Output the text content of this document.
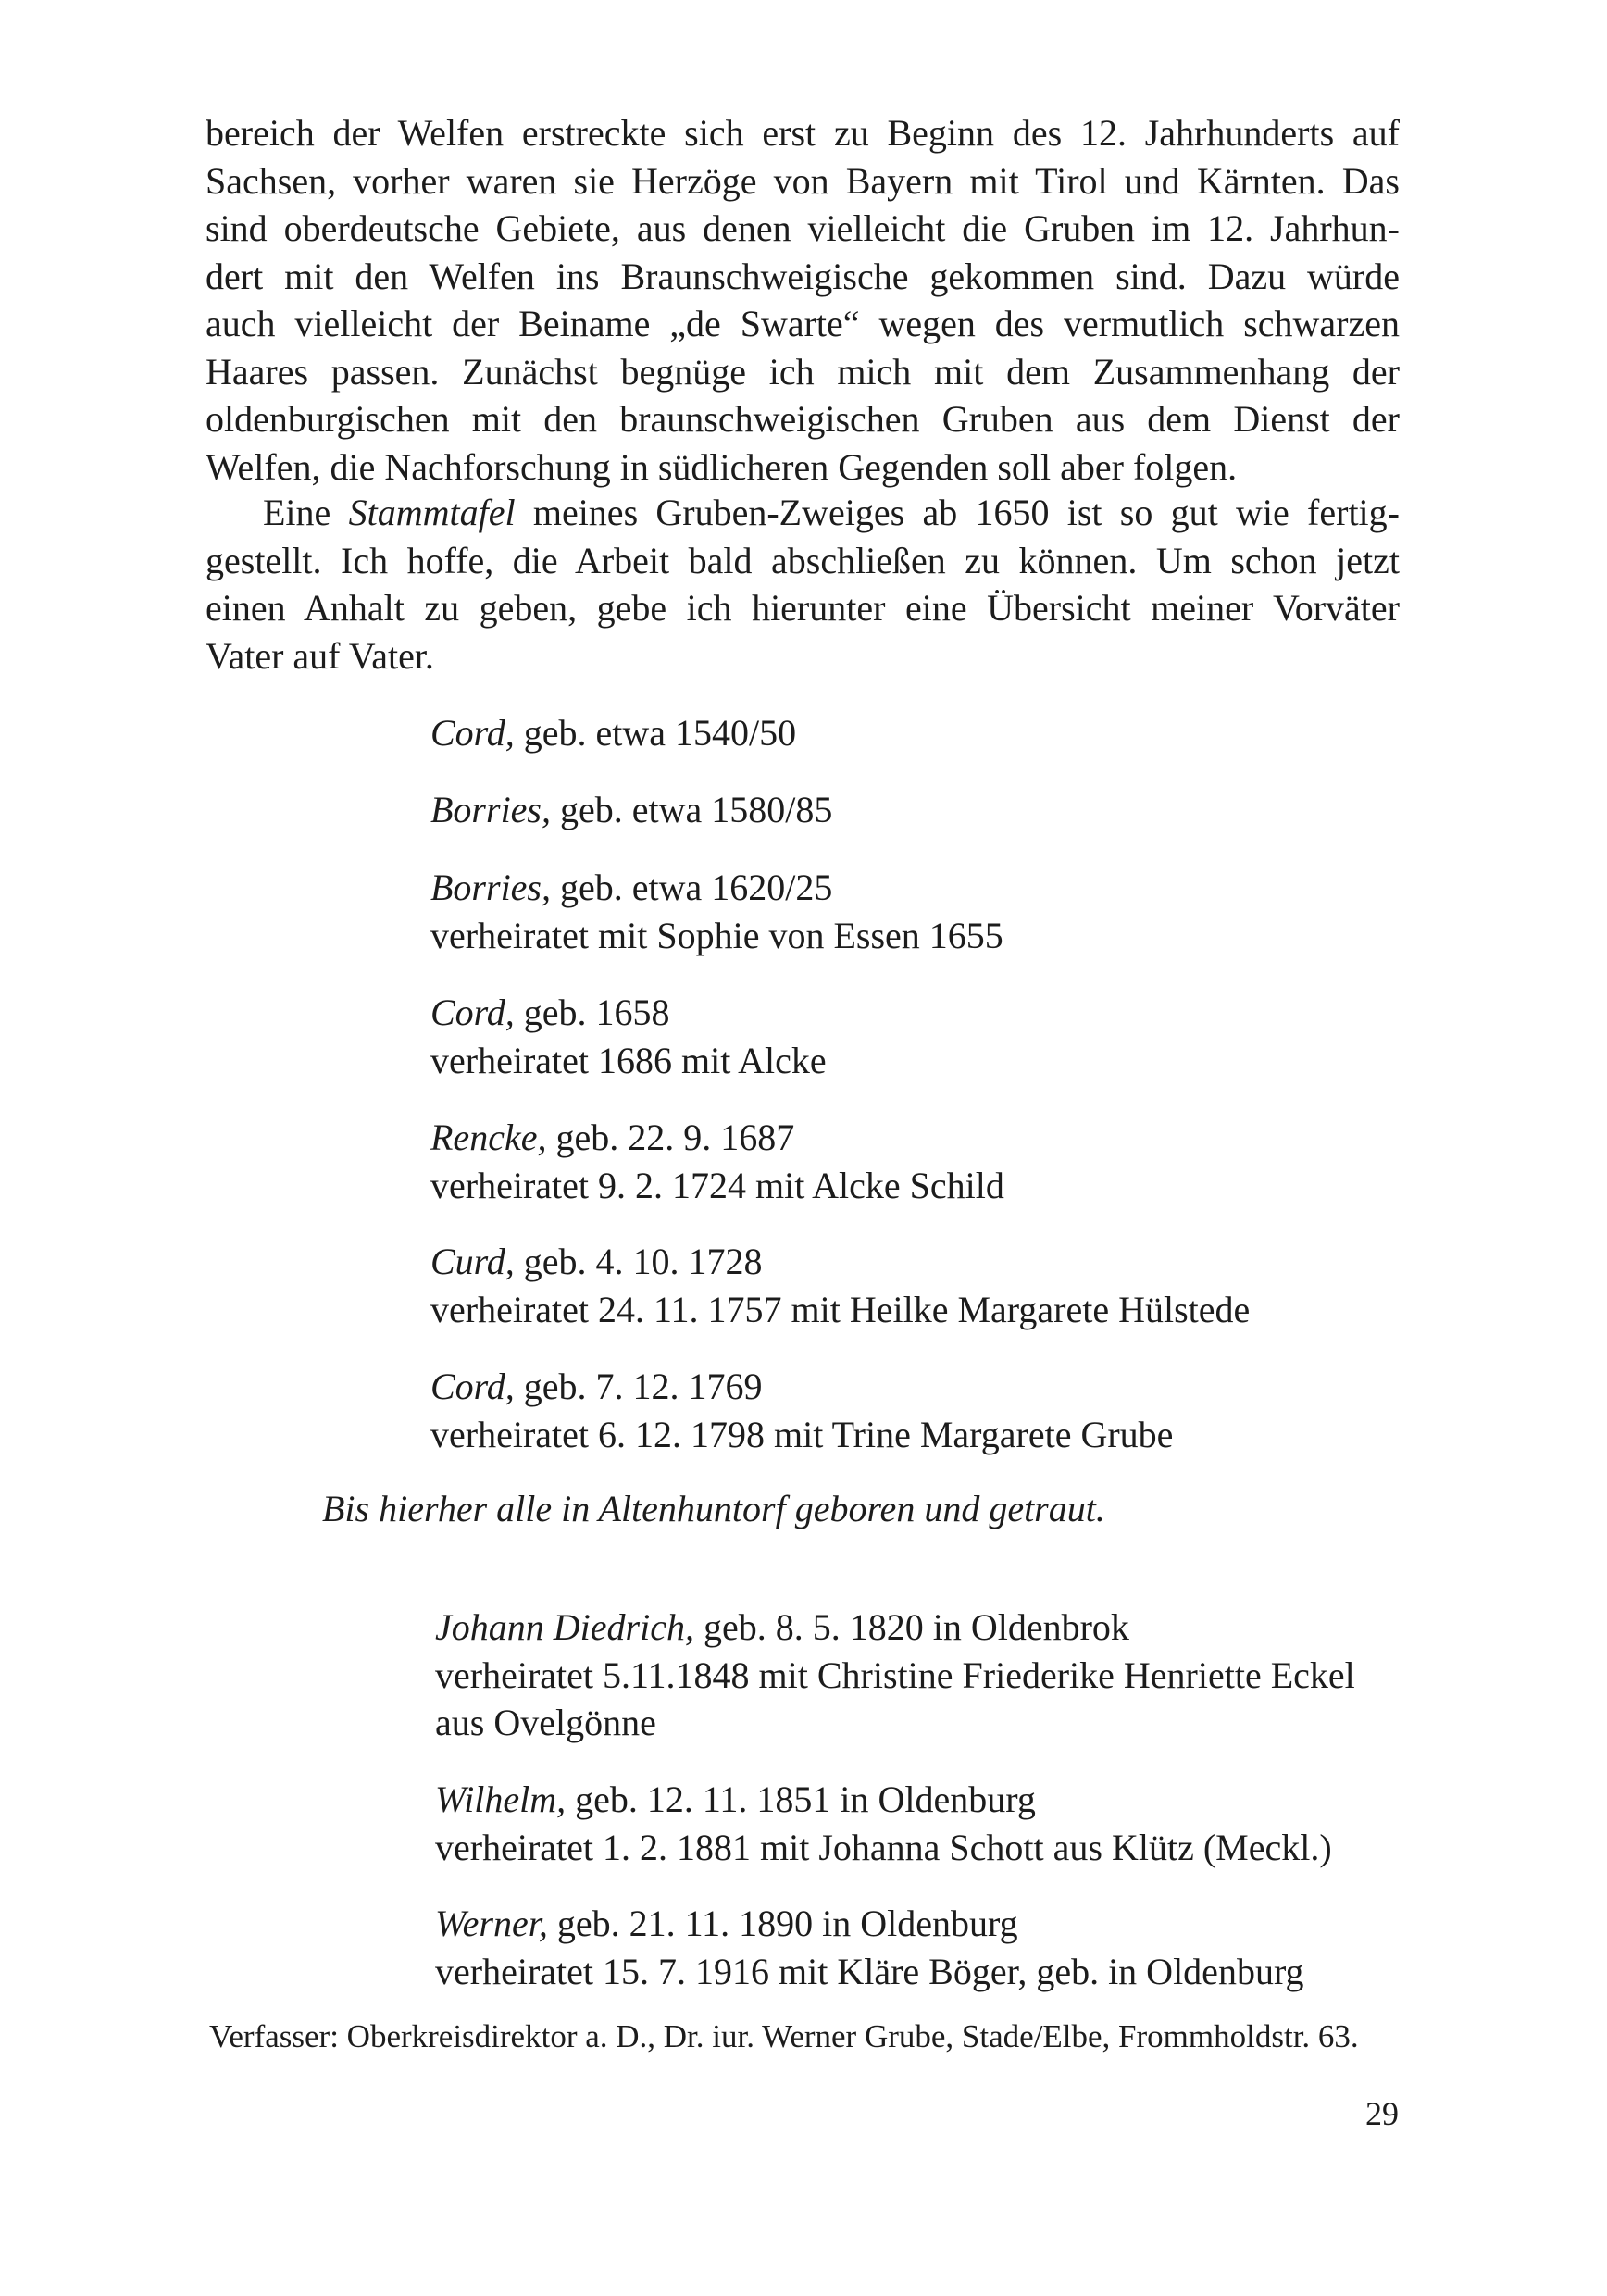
bereich der Welfen erstreckte sich erst zu Beginn des 12. Jahrhunderts auf
Sachsen, vorher waren sie Herzöge von Bayern mit Tirol und Kärnten. Das
sind oberdeutsche Gebiete, aus denen vielleicht die Gruben im 12. Jahrhun-
dert mit den Welfen ins Braunschweigische gekommen sind. Dazu würde
auch vielleicht der Beiname „de Swarte“ wegen des vermutlich schwarzen
Haares passen. Zunächst begnüge ich mich mit dem Zusammenhang der
oldenburgischen mit den braunschweigischen Gruben aus dem Dienst der
Welfen, die Nachforschung in südlicheren Gegenden soll aber folgen.
Eine Stammtafel meines Gruben-Zweiges ab 1650 ist so gut wie fertig-
gestellt. Ich hoffe, die Arbeit bald abschließen zu können. Um schon jetzt
einen Anhalt zu geben, gebe ich hierunter eine Übersicht meiner Vorväter
Vater auf Vater.
Cord, geb. etwa 1540/50
Borries, geb. etwa 1580/85
Borries, geb. etwa 1620/25
verheiratet mit Sophie von Essen 1655
Cord, geb. 1658
verheiratet 1686 mit Alcke
Rencke, geb. 22. 9. 1687
verheiratet 9. 2. 1724 mit Alcke Schild
Curd, geb. 4. 10. 1728
verheiratet 24. 11. 1757 mit Heilke Margarete Hülstede
Cord, geb. 7. 12. 1769
verheiratet 6. 12. 1798 mit Trine Margarete Grube
Bis hierher alle in Altenhuntorf geboren und getraut.
Johann Diedrich, geb. 8. 5. 1820 in Oldenbrok
verheiratet 5.11.1848 mit Christine Friederike Henriette Eckel
aus Ovelgönne
Wilhelm, geb. 12. 11. 1851 in Oldenburg
verheiratet 1. 2. 1881 mit Johanna Schott aus Klütz (Meckl.)
Werner, geb. 21. 11. 1890 in Oldenburg
verheiratet 15. 7. 1916 mit Kläre Böger, geb. in Oldenburg
Verfasser: Oberkreisdirektor a. D., Dr. iur. Werner Grube, Stade/Elbe, Frommholdstr. 63.
29
